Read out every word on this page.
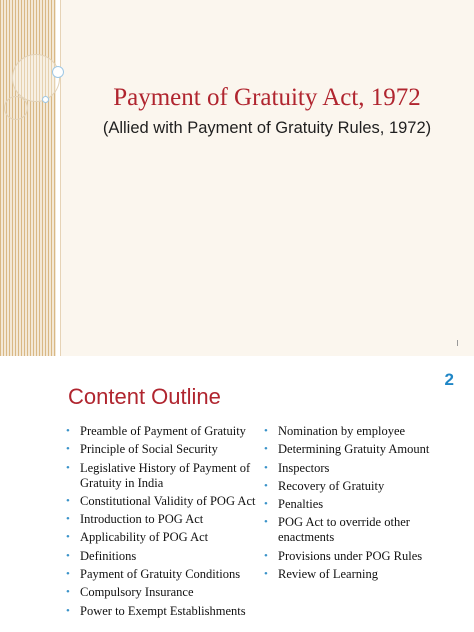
Payment of Gratuity Act, 1972

(Allied with Payment of Gratuity Rules, 1972)

2
Content Outline
• Preamble of Payment of Gratuity
• Principle of Social Security
• Legislative History of Payment of Gratuity in India
• Constitutional Validity of POG Act
• Introduction to POG Act
• Applicability of POG Act
• Definitions
• Payment of Gratuity Conditions
• Compulsory Insurance
• Power to Exempt Establishments
• Nomination by employee
• Determining Gratuity Amount
• Inspectors
• Recovery of Gratuity
• Penalties
• POG Act to override other enactments
• Provisions under POG Rules
• Review of Learning
